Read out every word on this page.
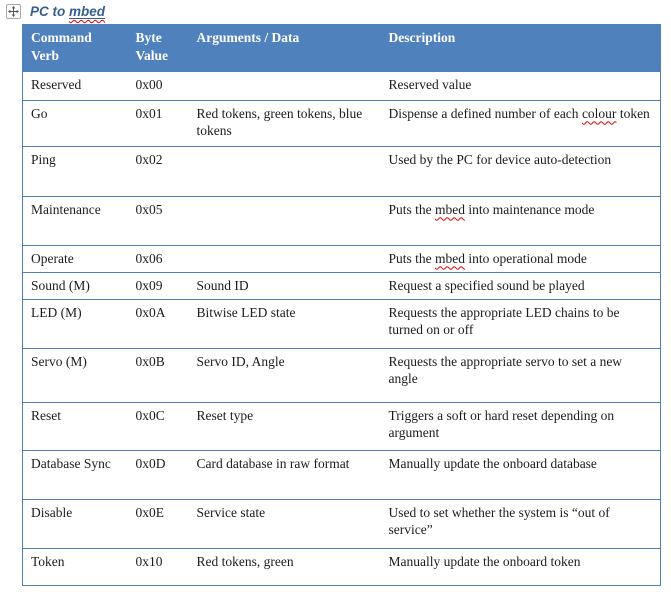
PC to mbed
Command Verb	Byte Value	Arguments / Data	Description
Reserved	0x00		Reserved value
Go	0x01	Red tokens, green tokens, blue tokens	Dispense a defined number of each colour token
Ping	0x02		Used by the PC for device auto-detection
Maintenance	0x05		Puts the mbed into maintenance mode
Operate	0x06		Puts the mbed into operational mode
Sound (M)	0x09	Sound ID	Request a specified sound be played
LED (M)	0x0A	Bitwise LED state	Requests the appropriate LED chains to be turned on or off
Servo (M)	0x0B	Servo ID, Angle	Requests the appropriate servo to set a new angle
Reset	0x0C	Reset type	Triggers a soft or hard reset depending on argument
Database Sync	0x0D	Card database in raw format	Manually update the onboard database
Disable	0x0E	Service state	Used to set whether the system is “out of service”
Token	0x10	Red tokens, green	Manually update the onboard token
